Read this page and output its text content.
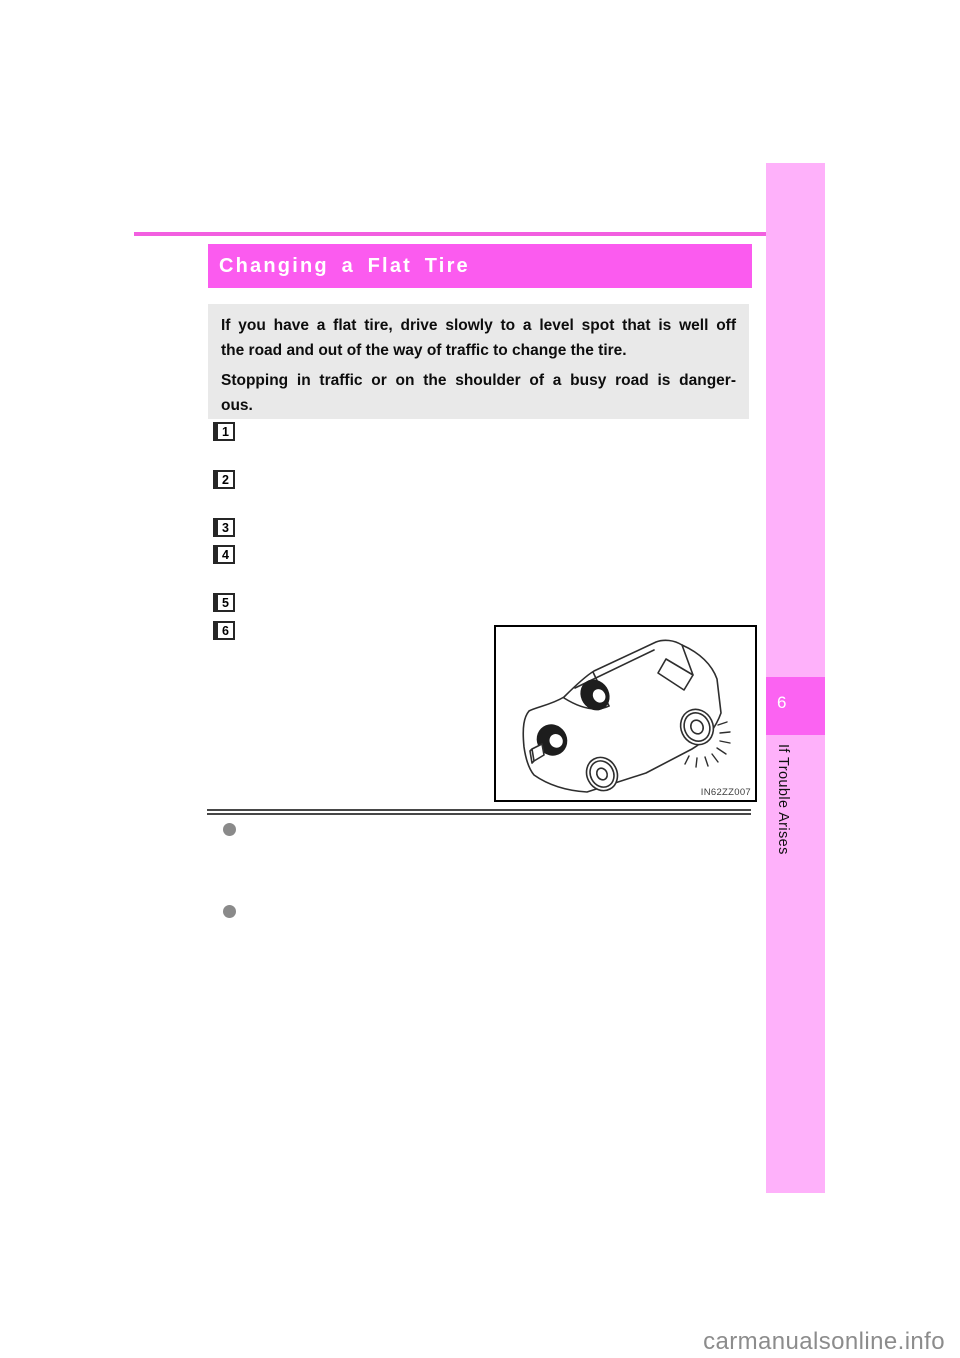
6
If Trouble Arises
Changing a Flat Tire
If you have a flat tire, drive slowly to a level spot that is well off
the road and out of the way of traffic to change the tire.
Stopping in traffic or on the shoulder of a busy road is danger-
ous.
1
2
3
4
5
6
IN62ZZ007
carmanualsonline.info
